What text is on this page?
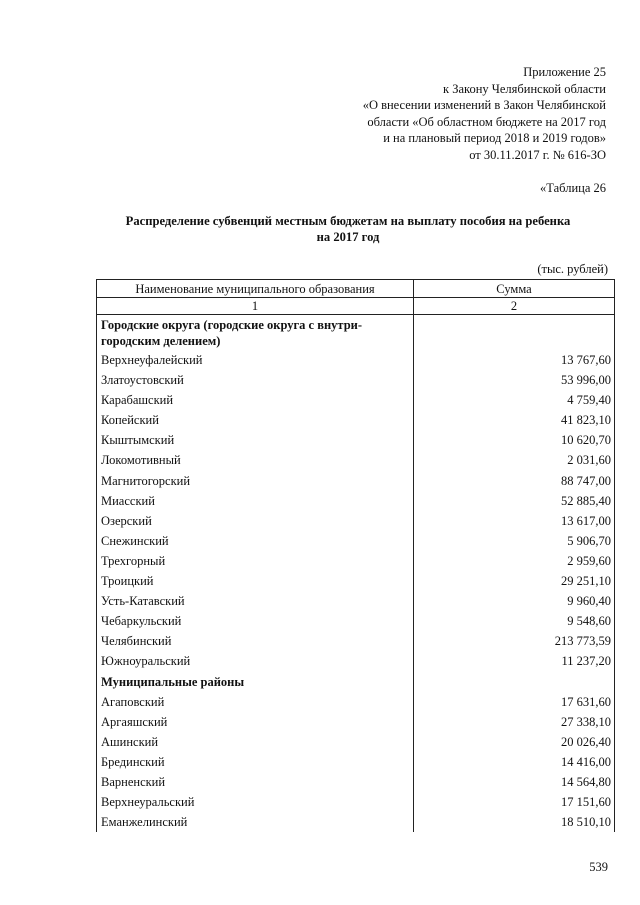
Приложение 25
к Закону Челябинской области
«О внесении изменений в Закон Челябинской
области «Об областном бюджете на 2017 год
и на плановый период 2018 и 2019 годов»
от 30.11.2017 г. № 616-ЗО
«Таблица 26
Распределение субвенций местным бюджетам на выплату пособия на ребенка
на 2017 год
(тыс. рублей)
Наименование муниципального образования	Сумма
1	2

Городские округа (городские округа с внутри-
городским делением)	

Верхнеуфалейский	13 767,60
Златоустовский	53 996,00
Карабашский	4 759,40
Копейский	41 823,10
Кыштымский	10 620,70
Локомотивный	2 031,60
Магнитогорский	88 747,00
Миасский	52 885,40
Озерский	13 617,00
Снежинский	5 906,70
Трехгорный	2 959,60
Троицкий	29 251,10
Усть-Катавский	9 960,40
Чебаркульский	9 548,60
Челябинский	213 773,59
Южноуральский	11 237,20

Муниципальные районы	

Агаповский	17 631,60
Аргаяшский	27 338,10
Ашинский	20 026,40
Брединский	14 416,00
Варненский	14 564,80
Верхнеуральский	17 151,60
Еманжелинский	18 510,10
539
